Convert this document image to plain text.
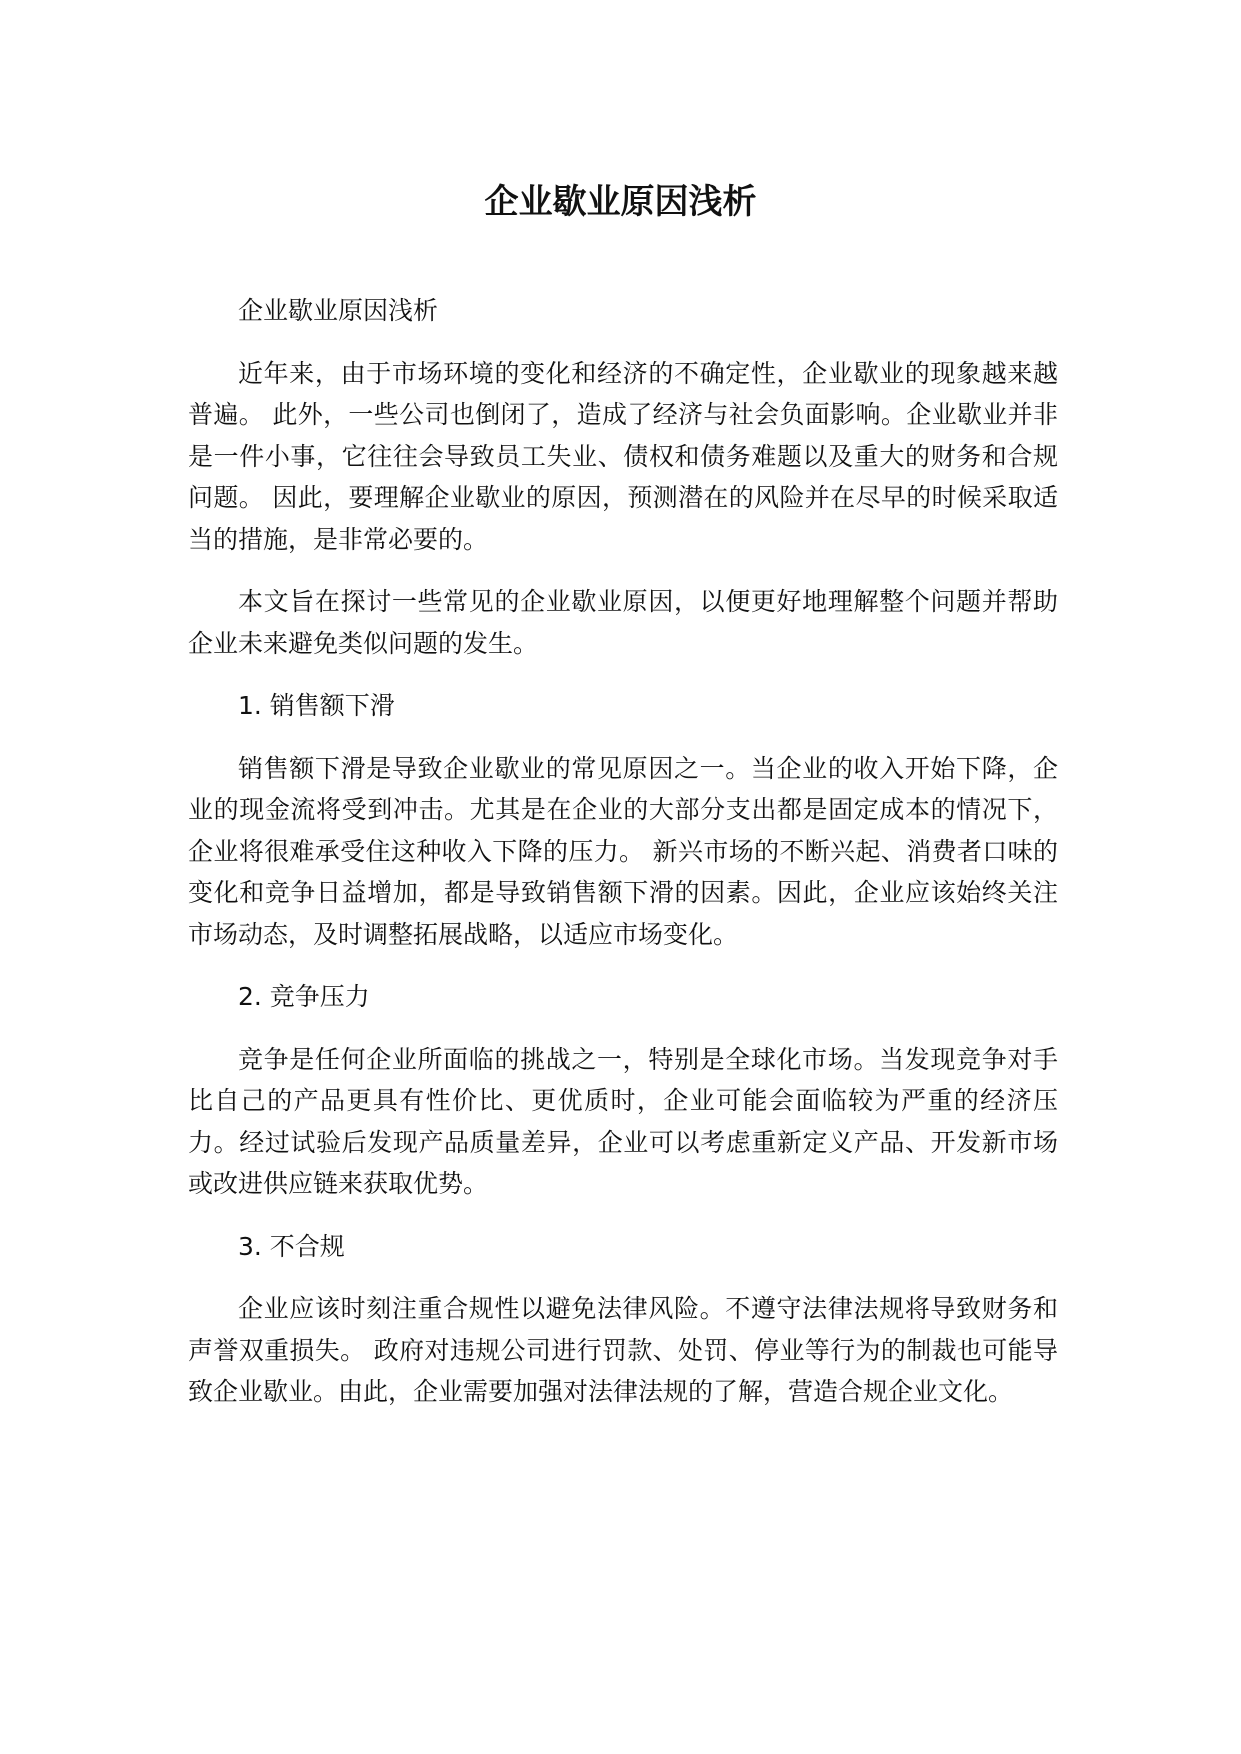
企业歇业原因浅析

企业歇业原因浅析

近年来，由于市场环境的变化和经济的不确定性，企业歇业的现象越来越普遍。 此外，一些公司也倒闭了，造成了经济与社会负面影响。企业歇业并非是一件小事，它往往会导致员工失业、债权和债务难题以及重大的财务和合规问题。 因此，要理解企业歇业的原因，预测潜在的风险并在尽早的时候采取适当的措施，是非常必要的。

本文旨在探讨一些常见的企业歇业原因，以便更好地理解整个问题并帮助企业未来避免类似问题的发生。

1. 销售额下滑

销售额下滑是导致企业歇业的常见原因之一。当企业的收入开始下降，企业的现金流将受到冲击。尤其是在企业的大部分支出都是固定成本的情况下，企业将很难承受住这种收入下降的压力。 新兴市场的不断兴起、消费者口味的变化和竞争日益增加，都是导致销售额下滑的因素。因此，企业应该始终关注市场动态，及时调整拓展战略，以适应市场变化。

2. 竞争压力

竞争是任何企业所面临的挑战之一，特别是全球化市场。当发现竞争对手比自己的产品更具有性价比、更优质时，企业可能会面临较为严重的经济压力。经过试验后发现产品质量差异，企业可以考虑重新定义产品、开发新市场或改进供应链来获取优势。

3. 不合规

企业应该时刻注重合规性以避免法律风险。不遵守法律法规将导致财务和声誉双重损失。 政府对违规公司进行罚款、处罚、停业等行为的制裁也可能导致企业歇业。由此，企业需要加强对法律法规的了解，营造合规企业文化。
